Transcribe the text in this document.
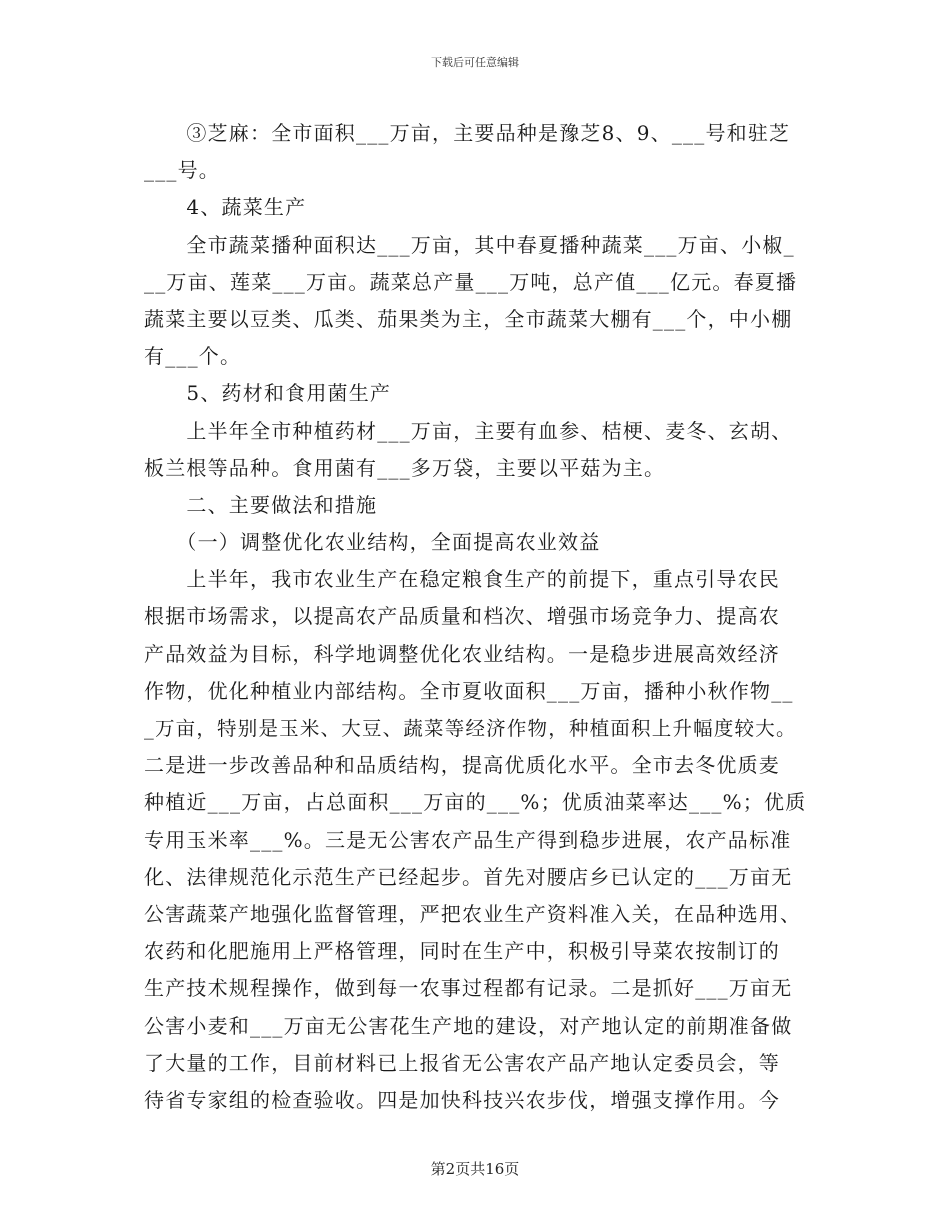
下载后可任意编辑
　　③芝麻：全市面积___万亩，主要品种是豫芝8、9、___号和驻芝
___号。
　　4、蔬菜生产
　　全市蔬菜播种面积达___万亩，其中春夏播种蔬菜___万亩、小椒_
__万亩、莲菜___万亩。蔬菜总产量___万吨，总产值___亿元。春夏播
蔬菜主要以豆类、瓜类、茄果类为主，全市蔬菜大棚有___个，中小棚
有___个。
　　5、药材和食用菌生产
　　上半年全市种植药材___万亩，主要有血参、桔梗、麦冬、玄胡、
板兰根等品种。食用菌有___多万袋，主要以平菇为主。
　　二、主要做法和措施
　　（一）调整优化农业结构，全面提高农业效益
　　上半年，我市农业生产在稳定粮食生产的前提下，重点引导农民
根据市场需求，以提高农产品质量和档次、增强市场竞争力、提高农
产品效益为目标，科学地调整优化农业结构。一是稳步进展高效经济
作物，优化种植业内部结构。全市夏收面积___万亩，播种小秋作物__
_万亩，特别是玉米、大豆、蔬菜等经济作物，种植面积上升幅度较大。
二是进一步改善品种和品质结构，提高优质化水平。全市去冬优质麦
种植近___万亩，占总面积___万亩的___%；优质油菜率达___%；优质
专用玉米率___%。三是无公害农产品生产得到稳步进展，农产品标准
化、法律规范化示范生产已经起步。首先对腰店乡已认定的___万亩无
公害蔬菜产地强化监督管理，严把农业生产资料准入关，在品种选用、
农药和化肥施用上严格管理，同时在生产中，积极引导菜农按制订的
生产技术规程操作，做到每一农事过程都有记录。二是抓好___万亩无
公害小麦和___万亩无公害花生产地的建设，对产地认定的前期准备做
了大量的工作，目前材料已上报省无公害农产品产地认定委员会，等
待省专家组的检查验收。四是加快科技兴农步伐，增强支撑作用。今
第2页共16页
